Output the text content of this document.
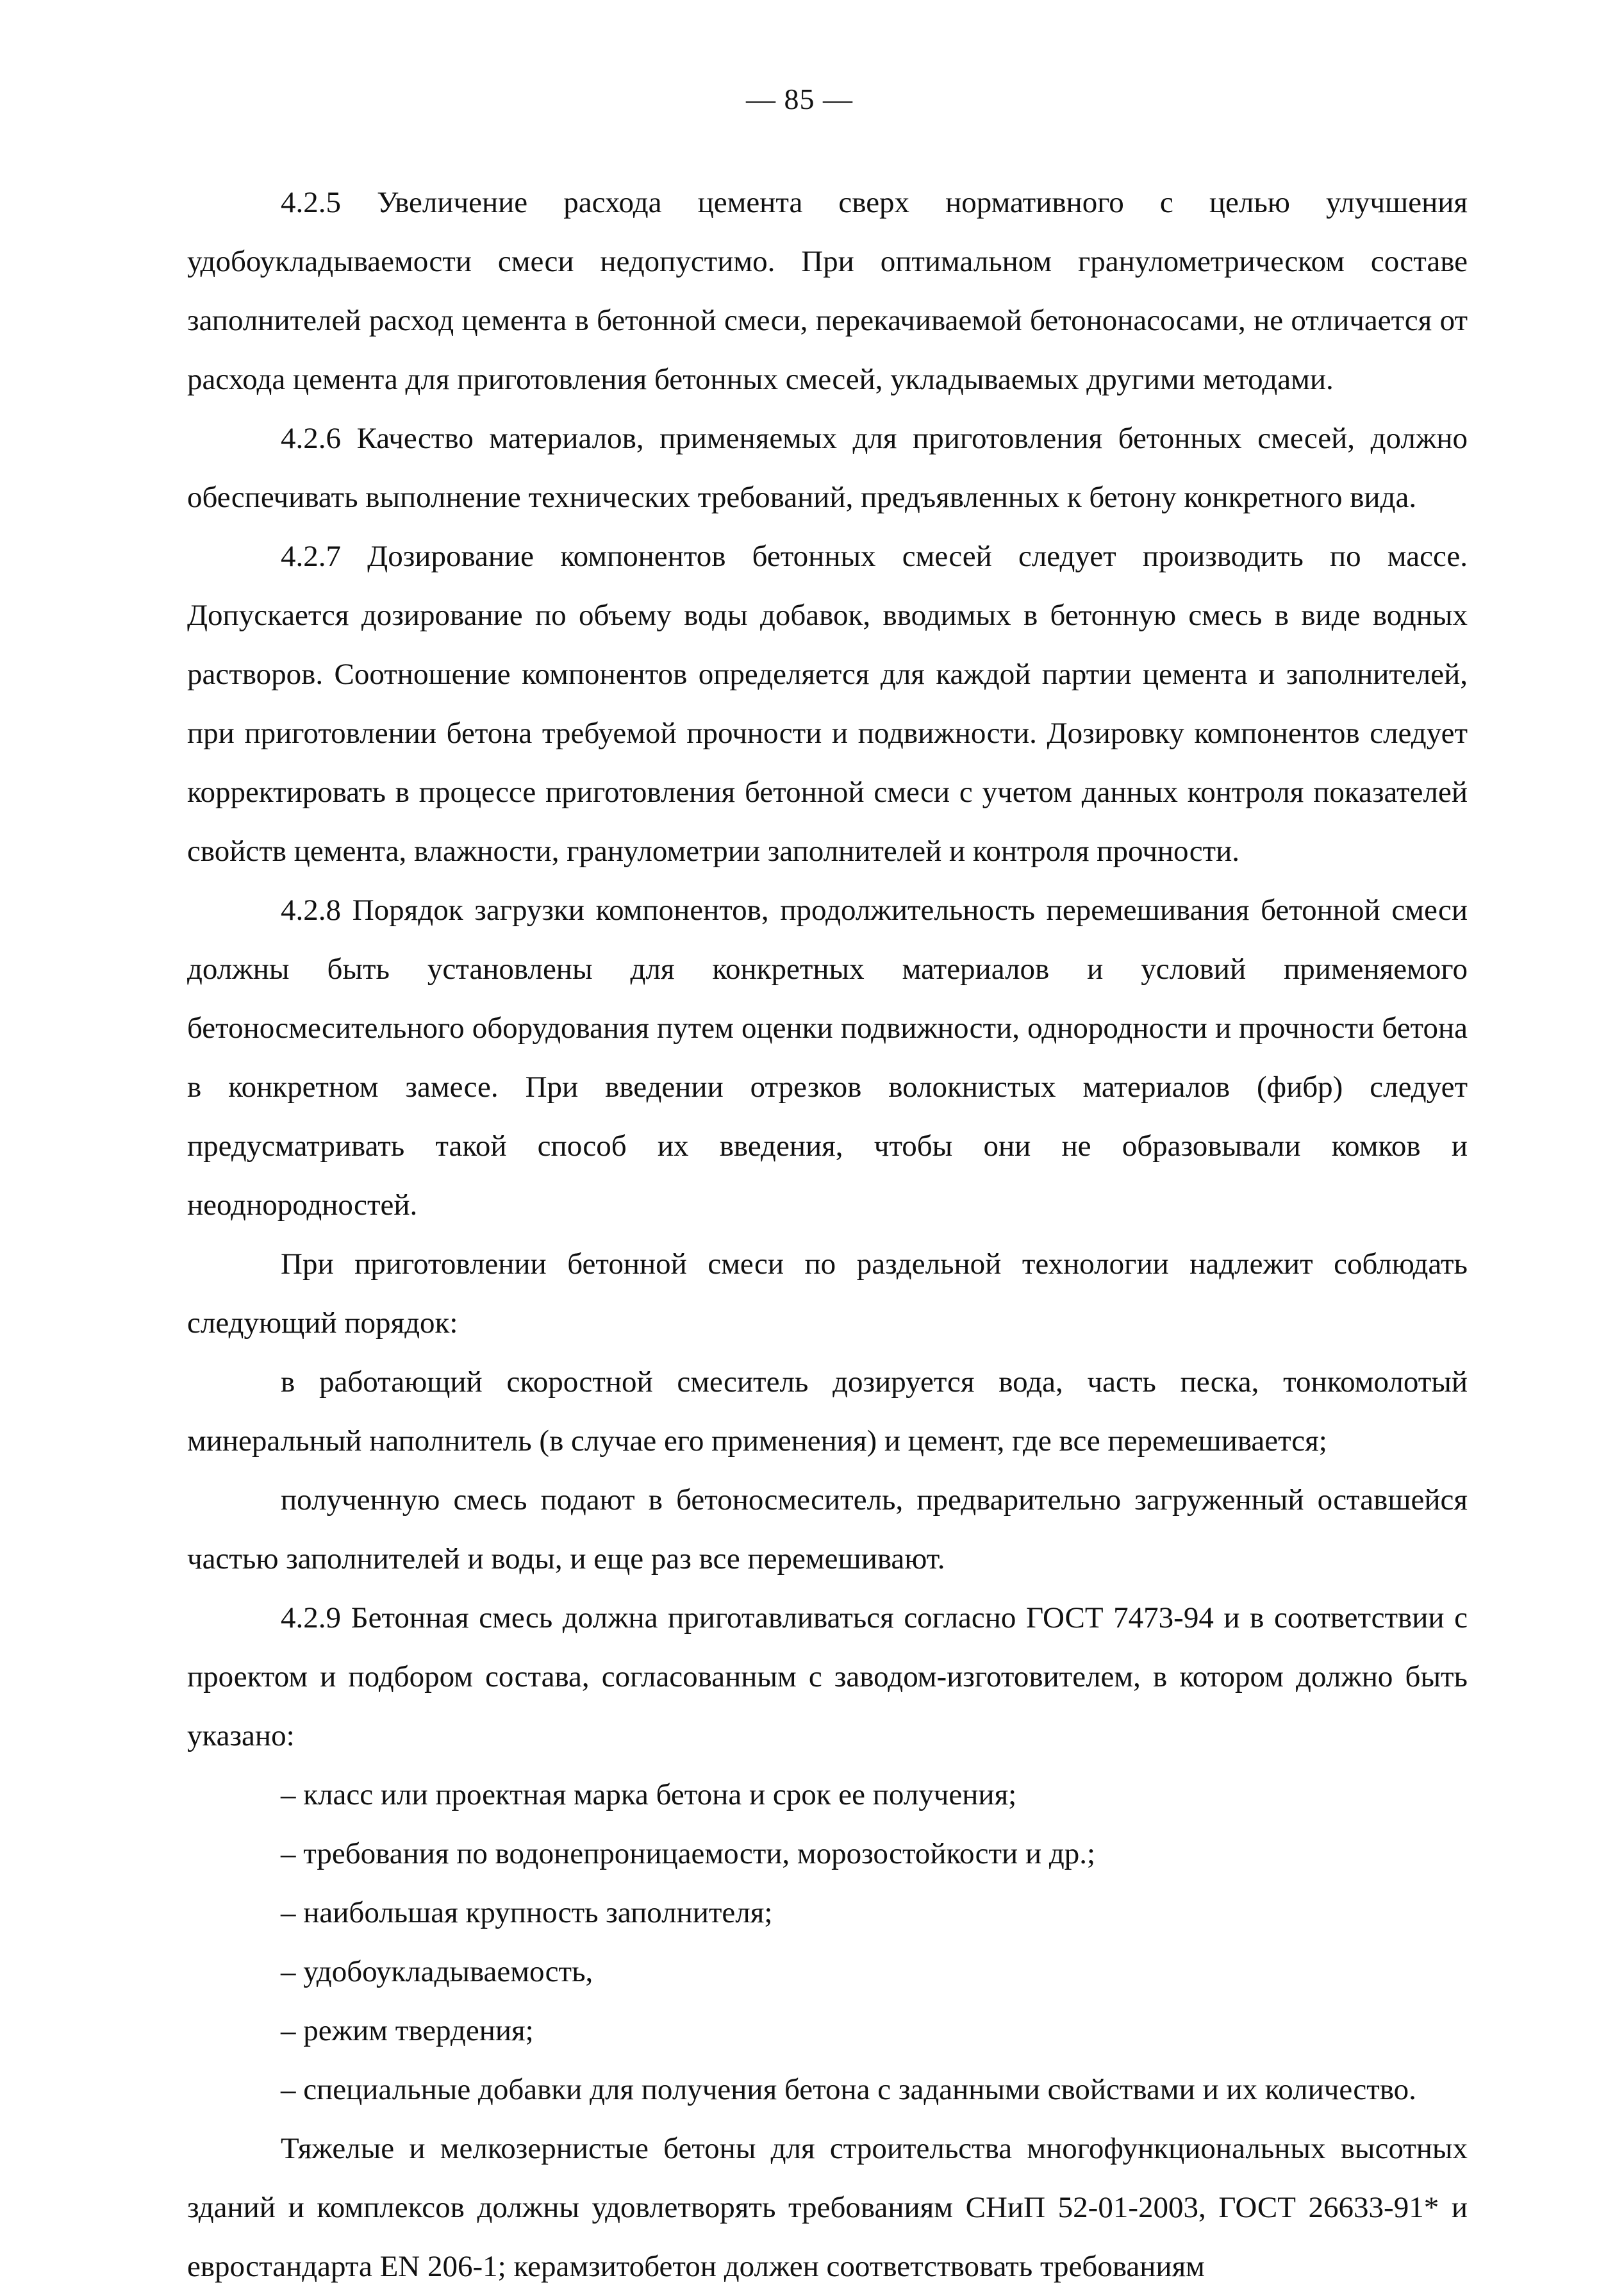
— 85 —

4.2.5 Увеличение расхода цемента сверх нормативного с целью улучшения удобоукладываемости смеси недопустимо. При оптимальном гранулометрическом составе заполнителей расход цемента в бетонной смеси, перекачиваемой бетононасосами, не отличается от расхода цемента для приготовления бетонных смесей, укладываемых другими методами.

4.2.6 Качество материалов, применяемых для приготовления бетонных смесей, должно обеспечивать выполнение технических требований, предъявленных к бетону конкретного вида.

4.2.7 Дозирование компонентов бетонных смесей следует производить по массе. Допускается дозирование по объему воды добавок, вводимых в бетонную смесь в виде водных растворов. Соотношение компонентов определяется для каждой партии цемента и заполнителей, при приготовлении бетона требуемой прочности и подвижности. Дозировку компонентов следует корректировать в процессе приготовления бетонной смеси с учетом данных контроля показателей свойств цемента, влажности, гранулометрии заполнителей и контроля прочности.

4.2.8 Порядок загрузки компонентов, продолжительность перемешивания бетонной смеси должны быть установлены для конкретных материалов и условий применяемого бетоносмесительного оборудования путем оценки подвижности, однородности и прочности бетона в конкретном замесе. При введении отрезков волокнистых материалов (фибр) следует предусматривать такой способ их введения, чтобы они не образовывали комков и неоднородностей.

При приготовлении бетонной смеси по раздельной технологии надлежит соблюдать следующий порядок:

в работающий скоростной смеситель дозируется вода, часть песка, тонкомолотый минеральный наполнитель (в случае его применения) и цемент, где все перемешивается;

полученную смесь подают в бетоносмеситель, предварительно загруженный оставшейся частью заполнителей и воды, и еще раз все перемешивают.

4.2.9 Бетонная смесь должна приготавливаться согласно ГОСТ 7473-94 и в соответствии с проектом и подбором состава, согласованным с заводом-изготовителем, в котором должно быть указано:

– класс или проектная марка бетона и срок ее получения;

– требования по водонепроницаемости, морозостойкости и др.;

– наибольшая крупность заполнителя;

– удобоукладываемость,

– режим твердения;

– специальные добавки для получения бетона с заданными свойствами и их количество.

Тяжелые и мелкозернистые бетоны для строительства многофункциональных высотных зданий и комплексов должны удовлетворять требованиям СНиП 52-01-2003, ГОСТ 26633-91* и евростандарта EN 206-1; керамзитобетон должен соответствовать требованиям
